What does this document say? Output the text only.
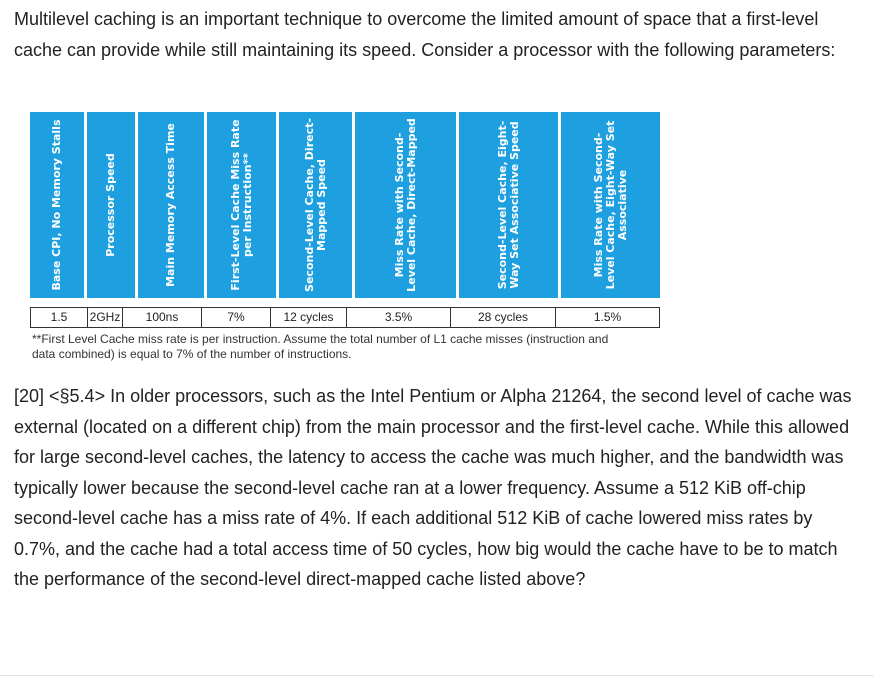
Multilevel caching is an important technique to overcome the limited amount of space that a first-level cache can provide while still maintaining its speed. Consider a processor with the following parameters:

Base CPI, No Memory Stalls	Processor Speed	Main Memory Access Time	First-Level Cache Miss Rate per Instruction**	Second-Level Cache, Direct-Mapped Speed	Miss Rate with Second-Level Cache, Direct-Mapped	Second-Level Cache, Eight-Way Set Associative Speed	Miss Rate with Second-Level Cache, Eight-Way Set Associative
1.5	2GHz	100ns	7%	12 cycles	3.5%	28 cycles	1.5%
**First Level Cache miss rate is per instruction. Assume the total number of L1 cache misses (instruction and data combined) is equal to 7% of the number of instructions.

[20] <§5.4> In older processors, such as the Intel Pentium or Alpha 21264, the second level of cache was external (located on a different chip) from the main processor and the first-level cache. While this allowed for large second-level caches, the latency to access the cache was much higher, and the bandwidth was typically lower because the second-level cache ran at a lower frequency. Assume a 512 KiB off-chip second-level cache has a miss rate of 4%. If each additional 512 KiB of cache lowered miss rates by 0.7%, and the cache had a total access time of 50 cycles, how big would the cache have to be to match the performance of the second-level direct-mapped cache listed above?
